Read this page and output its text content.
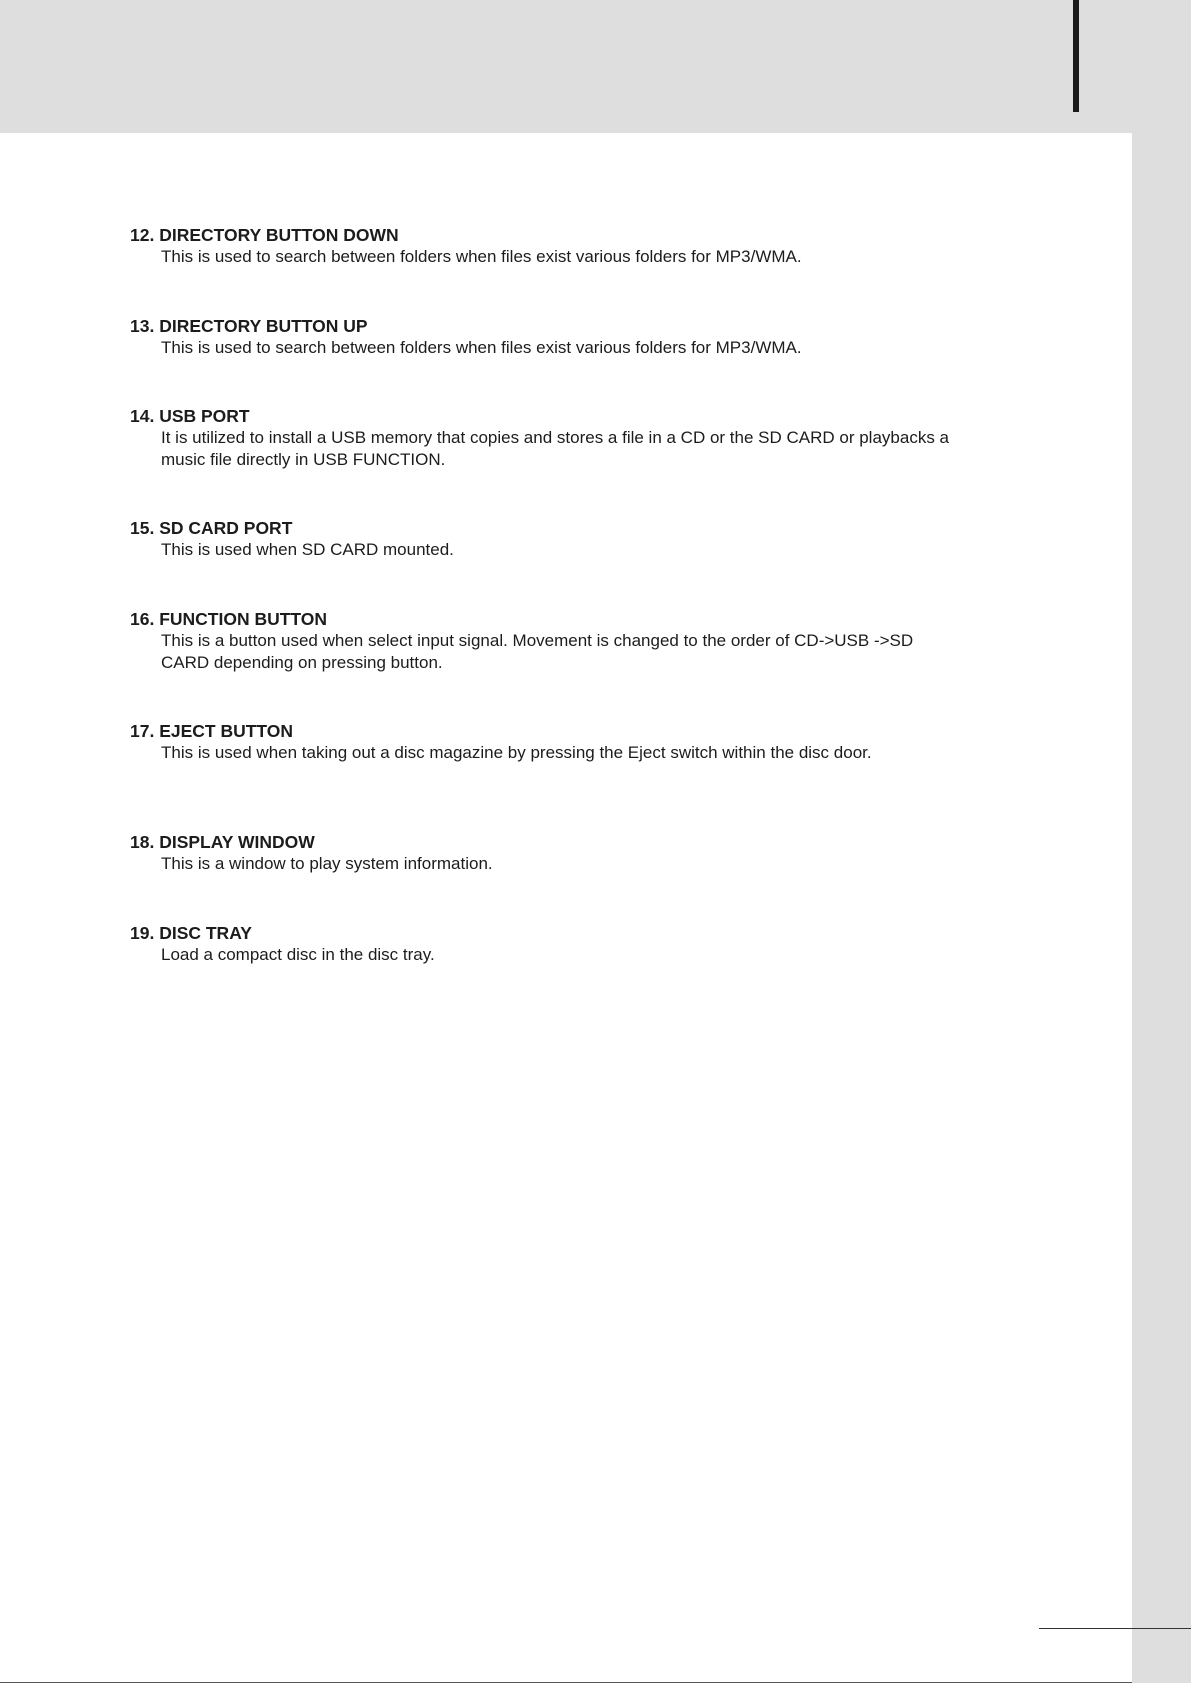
12. DIRECTORY BUTTON DOWN

This is used to search between folders when files exist various folders for MP3/WMA.

13. DIRECTORY BUTTON UP

This is used to search between folders when files exist various folders for MP3/WMA.

14. USB PORT

It is utilized to install a USB memory that copies and stores a file in a CD or the SD CARD or playbacks a music file directly in USB FUNCTION.

15. SD CARD PORT

This is used when SD CARD mounted.

16. FUNCTION BUTTON

This is a button used when select input signal. Movement is changed to the order of CD->USB ->SD CARD depending on pressing button.

17. EJECT BUTTON

This is used when taking out a disc magazine by pressing the Eject switch within the disc door.

18. DISPLAY WINDOW

This is a window to play system information.

19. DISC TRAY

Load a compact disc in the disc tray.
